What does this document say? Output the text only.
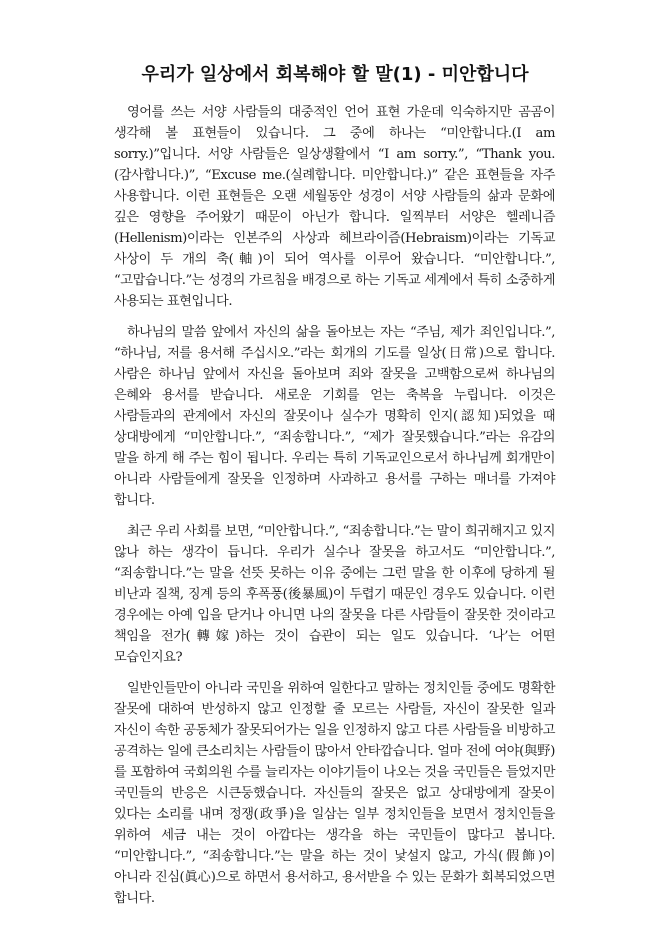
우리가 일상에서 회복해야 할 말(1) - 미안합니다

영어를 쓰는 서양 사람들의 대중적인 언어 표현 가운데 익숙하지만 곰곰이 생각해 볼 표현들이 있습니다. 그 중에 하나는 “미안합니다.(I am sorry.)”입니다. 서양 사람들은 일상생활에서 “I am sorry.”, “Thank you.(감사합니다.)”, “Excuse me.(실례합니다. 미안합니다.)” 같은 표현들을 자주 사용합니다. 이런 표현들은 오랜 세월동안 성경이 서양 사람들의 삶과 문화에 깊은 영향을 주어왔기 때문이 아닌가 합니다. 일찍부터 서양은 헬레니즘(Hellenism)이라는 인본주의 사상과 헤브라이즘(Hebraism)이라는 기독교 사상이 두 개의 축(軸)이 되어 역사를 이루어 왔습니다. “미안합니다.”, “고맙습니다.”는 성경의 가르침을 배경으로 하는 기독교 세계에서 특히 소중하게 사용되는 표현입니다.

하나님의 말씀 앞에서 자신의 삶을 돌아보는 자는 “주님, 제가 죄인입니다.”, “하나님, 저를 용서해 주십시오.”라는 회개의 기도를 일상(日常)으로 합니다. 사람은 하나님 앞에서 자신을 돌아보며 죄와 잘못을 고백함으로써 하나님의 은혜와 용서를 받습니다. 새로운 기회를 얻는 축복을 누립니다. 이것은 사람들과의 관계에서 자신의 잘못이나 실수가 명확히 인지(認知)되었을 때 상대방에게 “미안합니다.”, “죄송합니다.”, “제가 잘못했습니다.”라는 유감의 말을 하게 해 주는 힘이 됩니다. 우리는 특히 기독교인으로서 하나님께 회개만이 아니라 사람들에게 잘못을 인정하며 사과하고 용서를 구하는 매너를 가져야 합니다.

최근 우리 사회를 보면, “미안합니다.”, “죄송합니다.”는 말이 희귀해지고 있지 않나 하는 생각이 듭니다. 우리가 실수나 잘못을 하고서도 “미안합니다.”, “죄송합니다.”는 말을 선뜻 못하는 이유 중에는 그런 말을 한 이후에 당하게 될 비난과 질책, 징계 등의 후폭풍(後暴風)이 두렵기 때문인 경우도 있습니다. 이런 경우에는 아예 입을 닫거나 아니면 나의 잘못을 다른 사람들이 잘못한 것이라고 책임을 전가(轉嫁)하는 것이 습관이 되는 일도 있습니다. ‘나’는 어떤 모습인지요?

일반인들만이 아니라 국민을 위하여 일한다고 말하는 정치인들 중에도 명확한 잘못에 대하여 반성하지 않고 인정할 줄 모르는 사람들, 자신이 잘못한 일과 자신이 속한 공동체가 잘못되어가는 일을 인정하지 않고 다른 사람들을 비방하고 공격하는 일에 큰소리치는 사람들이 많아서 안타깝습니다. 얼마 전에 여야(與野)를 포함하여 국회의원 수를 늘리자는 이야기들이 나오는 것을 국민들은 들었지만 국민들의 반응은 시큰둥했습니다. 자신들의 잘못은 없고 상대방에게 잘못이 있다는 소리를 내며 정쟁(政爭)을 일삼는 일부 정치인들을 보면서 정치인들을 위하여 세금 내는 것이 아깝다는 생각을 하는 국민들이 많다고 봅니다. “미안합니다.”, “죄송합니다.”는 말을 하는 것이 낯설지 않고, 가식(假飾)이 아니라 진심(眞心)으로 하면서 용서하고, 용서받을 수 있는 문화가 회복되었으면 합니다.
